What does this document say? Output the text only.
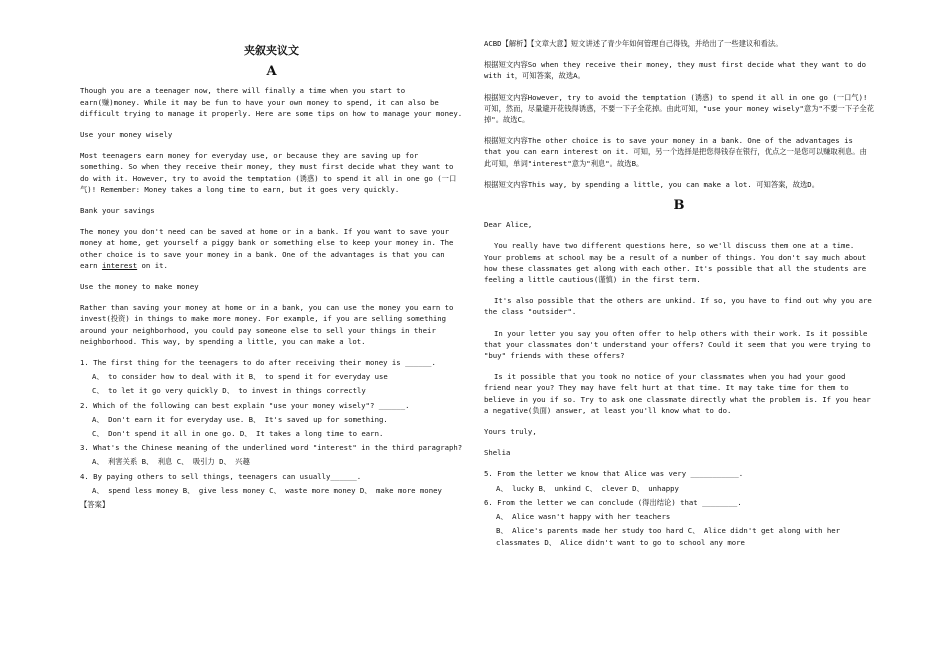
夹叙夹议文
A

Though you are a teenager now, there will finally a time when you start to earn(赚)money. While it may be fun to have your own money to spend, it can also be difficult trying to manage it properly. Here are some tips on how to manage your money.

Use your money wisely

Most teenagers earn money for everyday use, or because they are saving up for something. So when they receive their money, they must first decide what they want to do with it. However, try to avoid the temptation (诱惑) to spend it all in one go (一口气)! Remember: Money takes a long time to earn, but it goes very quickly.

Bank your savings

The money you don't need can be saved at home or in a bank. If you want to save your money at home, get yourself a piggy bank or something else to keep your money in. The other choice is to save your money in a bank. One of the advantages is that you can earn interest on it.

Use the money to make money

Rather than saving your money at home or in a bank, you can use the money you earn to invest(投资) in things to make more money. For example, if you are selling something around your neighborhood, you could pay someone else to sell your things in their neighborhood. This way, by spending a little, you can make a lot.

1. The first thing for the teenagers to do after receiving their money is ______.
A、 to consider how to deal with it B、 to spend it for everyday use
C、 to let it go very quickly D、 to invest in things correctly
2. Which of the following can best explain "use your money wisely"? ______.
A、 Don't earn it for everyday use. B、 It's saved up for something.
C、 Don't spend it all in one go. D、 It takes a long time to earn.
3. What's the Chinese meaning of the underlined word "interest" in the third paragraph?
A、 利害关系 B、 利息 C、 吸引力 D、 兴趣
4. By paying others to sell things, teenagers can usually______.
A、 spend less money B、 give less money C、 waste more money D、 make more money
【答案】

ACBD【解析】【文章大意】短文讲述了青少年如何管理自己得钱，并给出了一些建议和看法。

根据短文内容So when they receive their money, they must first decide what they want to do with it，可知答案，故选A。

根据短文内容However, try to avoid the temptation (诱惑) to spend it all in one go (一口气)!可知，然而，尽量避开花钱得诱惑，不要一下子全花掉。由此可知，"use your money wisely"意为"不要一下子全花掉"。故选C。

根据短文内容The other choice is to save your money in a bank. One of the advantages is that you can earn interest on it. 可知，另一个选择是把您得钱存在银行，优点之一是您可以赚取利息。由此可知，单词"interest"意为"利息"。故选B。

根据短文内容This way, by spending a little, you can make a lot. 可知答案，故选D。

B

Dear Alice,

You really have two different questions here, so we'll discuss them one at a time. Your problems at school may be a result of a number of things. You don't say much about how these classmates get along with each other. It's possible that all the students are feeling a little cautious(谨慎) in the first term.

It's also possible that the others are unkind. If so, you have to find out why you are the class "outsider".

In your letter you say you often offer to help others with their work. Is it possible that your classmates don't understand your offers? Could it seem that you were trying to "buy" friends with these offers?

Is it possible that you took no notice of your classmates when you had your good friend near you? They may have felt hurt at that time. It may take time for them to believe in you if so. Try to ask one classmate directly what the problem is. If you hear a negative(负面) answer, at least you'll know what to do.

Yours truly,

Shelia

5. From the letter we know that Alice was very ___________.
A、 lucky B、 unkind C、 clever D、 unhappy
6. From the letter we can conclude (得出结论) that ________.
A、 Alice wasn't happy with her teachers
B、 Alice's parents made her study too hard C、 Alice didn't get along with her classmates D、 Alice didn't want to go to school any more
